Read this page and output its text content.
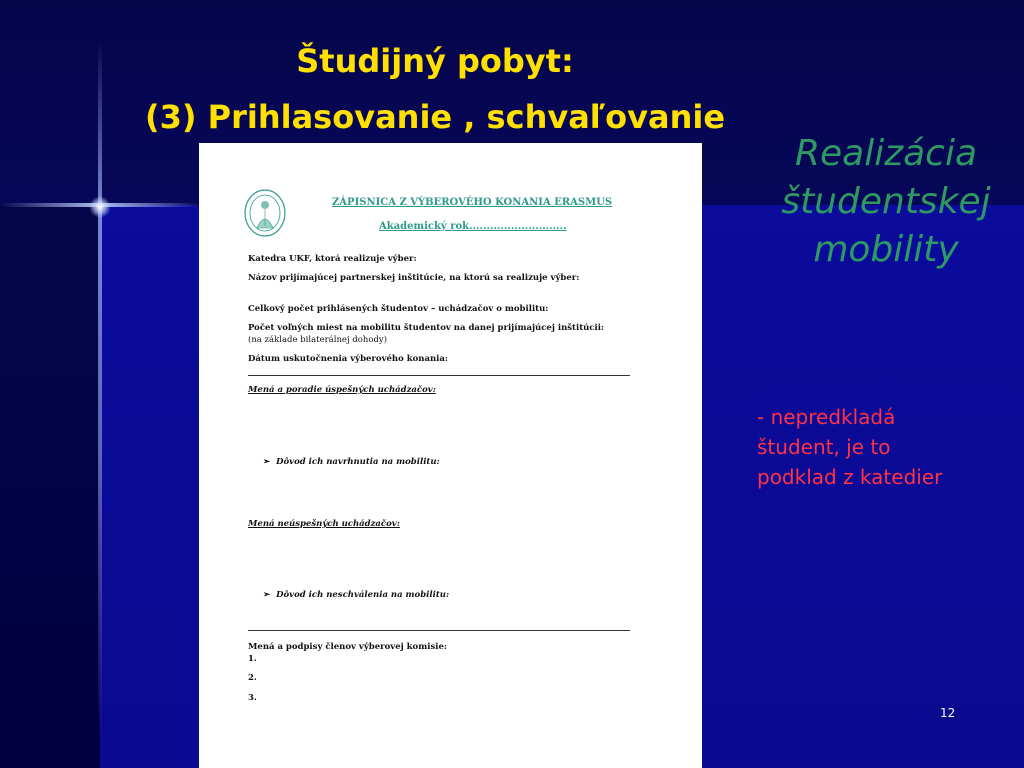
Študijný pobyt:
(3) Prihlasovanie , schvaľovanie
ZÁPISNICA Z VÝBEROVÉHO KONANIA ERASMUS
Akademický rok............................
Katedra UKF, ktorá realizuje výber:
Názov prijímajúcej partnerskej inštitúcie, na ktorú sa realizuje výber:
Celkový počet prihlásených študentov – uchádzačov o mobilitu:
Počet voľných miest na mobilitu študentov na danej prijímajúcej inštitúcii:
(na základe bilaterálnej dohody)
Dátum uskutočnenia výberového konania:
Mená a poradie úspešných uchádzačov:
➢ Dôvod ich navrhnutia na mobilitu:
Mená neúspešných uchádzačov:
➢ Dôvod ich neschválenia na mobilitu:
Mená a podpisy členov výberovej komisie:
1.
2.
3.
Realizácia
študentskej
mobility
- nepredkladá
študent, je to
podklad z katedier
12
